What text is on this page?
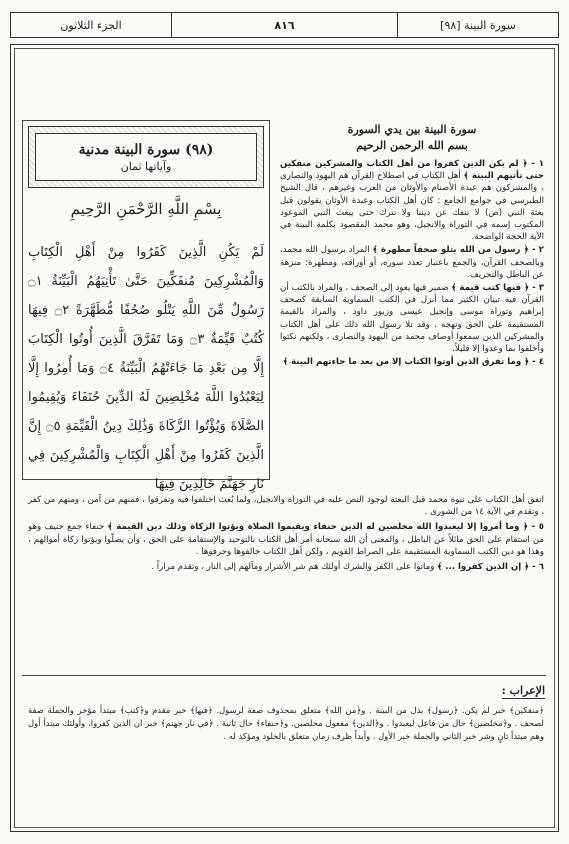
سورة البينة [٩٨]
٨١٦
الجزء الثلاثون
(٩٨) سورة البينة مدنية
وآياتها ثمان
بِسْمِ اللَّهِ الرَّحْمَنِ الرَّحِيمِ
لَمْ يَكُنِ الَّذِينَ كَفَرُوا مِنْ أَهْلِ الْكِتَابِ وَالْمُشْرِكِينَ مُنفَكِّينَ حَتَّىٰ تَأْتِيَهُمُ الْبَيِّنَةُ ۝١ رَسُولٌ مِّنَ اللَّهِ يَتْلُو صُحُفًا مُّطَهَّرَةً ۝٢ فِيهَا كُتُبٌ قَيِّمَةٌ ۝٣ وَمَا تَفَرَّقَ الَّذِينَ أُوتُوا الْكِتَابَ إِلَّا مِن بَعْدِ مَا جَاءَتْهُمُ الْبَيِّنَةُ ۝٤ وَمَا أُمِرُوا إِلَّا لِيَعْبُدُوا اللَّهَ مُخْلِصِينَ لَهُ الدِّينَ حُنَفَاءَ وَيُقِيمُوا الصَّلَاةَ وَيُؤْتُوا الزَّكَاةَ وَذَٰلِكَ دِينُ الْقَيِّمَةِ ۝٥ إِنَّ الَّذِينَ كَفَرُوا مِنْ أَهْلِ الْكِتَابِ وَالْمُشْرِكِينَ فِي نَارِ جَهَنَّمَ خَالِدِينَ فِيهَا
سورة البينة بين يدي السورة
بسم الله الرحمن الرحيم

١ - ﴿ لم يكن الذين كفروا من أهل الكتاب والمشركين منفكين حتى تأتيهم البينة ﴾ أهل الكتاب في اصطلاح القرآن هم اليهود والنصارى ، والمشركون هم عبدة الأصنام والأوثان من العرب وغيرهم ، قال الشيخ الطبرسي في جوامع الجامع : كان أهل الكتاب وعبدة الأوثان يقولون قبل بعثة النبي (ص) لا ننفك عن ديننا ولا نترك حتى يبعث النبي الموعود المكتوب إسمه في التوراة والانجيل، وهو محمد المقصود بكلمة البينة في الآية الحجة الواضحة.

٢ - ﴿ رسول من الله يتلو صحفاً مطهرة ﴾ المراد برسول الله محمد، وبالصحف القرآن، والجمع باعتبار تعدد سوره، أو أوراقه، ومطهرة: منزهة عن الباطل والتحريف.

٣ - ﴿ فيها كتب قيمة ﴾ ضمير فيها يعود إلى الصحف ، والمراد بالكتب أن القرآن فيه تبيان الكثير مما أنزل في الكتب السماوية السابقة كصحف إبراهيم وتوراة موسى وإنجيل عيسى وزبور داود ، والمراد بالقيمة المستقيمة على الحق ونهجه . وقد تلا رسول الله ذلك على أهل الكتاب والمشركين الذين سمعوا أوصاف محمد من اليهود والنصارى ، ولكنهم نكثوا وأخلفوا بما وعدوا إلا قليلاً.

٤ - ﴿ وما تفرق الذين أوتوا الكتاب إلا من بعد ما جاءتهم البينة ﴾

اتفق أهل الكتاب على نبوة محمد قبل البعثة لوجود النص عليه في التوراة والانجيل، ولما بُعث اختلفوا فيه وتفرقوا ، فمنهم من آمن ، ومنهم من كفر ، وتقدم في الآية ١٤ من الشورى .

٥ - ﴿ وما أمروا إلا ليعبدوا الله مخلصين له الدين حنفاء ويقيموا الصلاة ويؤتوا الزكاة وذلك دين القيمة ﴾ حنفاء جمع حنيف وهو من استقام على الحق مائلاً عن الباطل ، والمعنى أن الله سبحانه أمر أهل الكتاب بالتوحيد والإستقامة على الحق ، وأن يصلّوا ويؤتوا زكاة أموالهم ، وهذا هو دين الكتب السماوية المستقيمة على الصراط القويم ، ولكن أهل الكتاب خالفوها وحرفوها .

٦ - ﴿ إن الذين كفروا ... ﴾ وماتوا على الكفر والشرك أولئك هم شر الأشرار ومآلهم إلى النار ، وتقدم مراراً .

الإعراب :
﴿منفكين﴾ خبر لم يكن. ﴿رسول﴾ بدل من البينة . و﴿من الله﴾ متعلق بمحذوف صفة لرسول. ﴿فيها﴾ خبر مقدم و﴿كتب﴾ مبتدأ مؤخر والجملة صفة لصحف . و﴿مخلصين﴾ حال من فاعل ليعبدوا . و﴿الدين﴾ مفعول مخلصين. و﴿حنفاء﴾ حال ثانية . ﴿في نار جهنم﴾ خبر ان الذين كفروا. وأولئك مبتدأ أول وهم مبتدأ ثانٍ وشر خبر الثاني والجملة خبر الأول . وأبداً ظرف زمان متعلق بالخلود ومؤكد له .
